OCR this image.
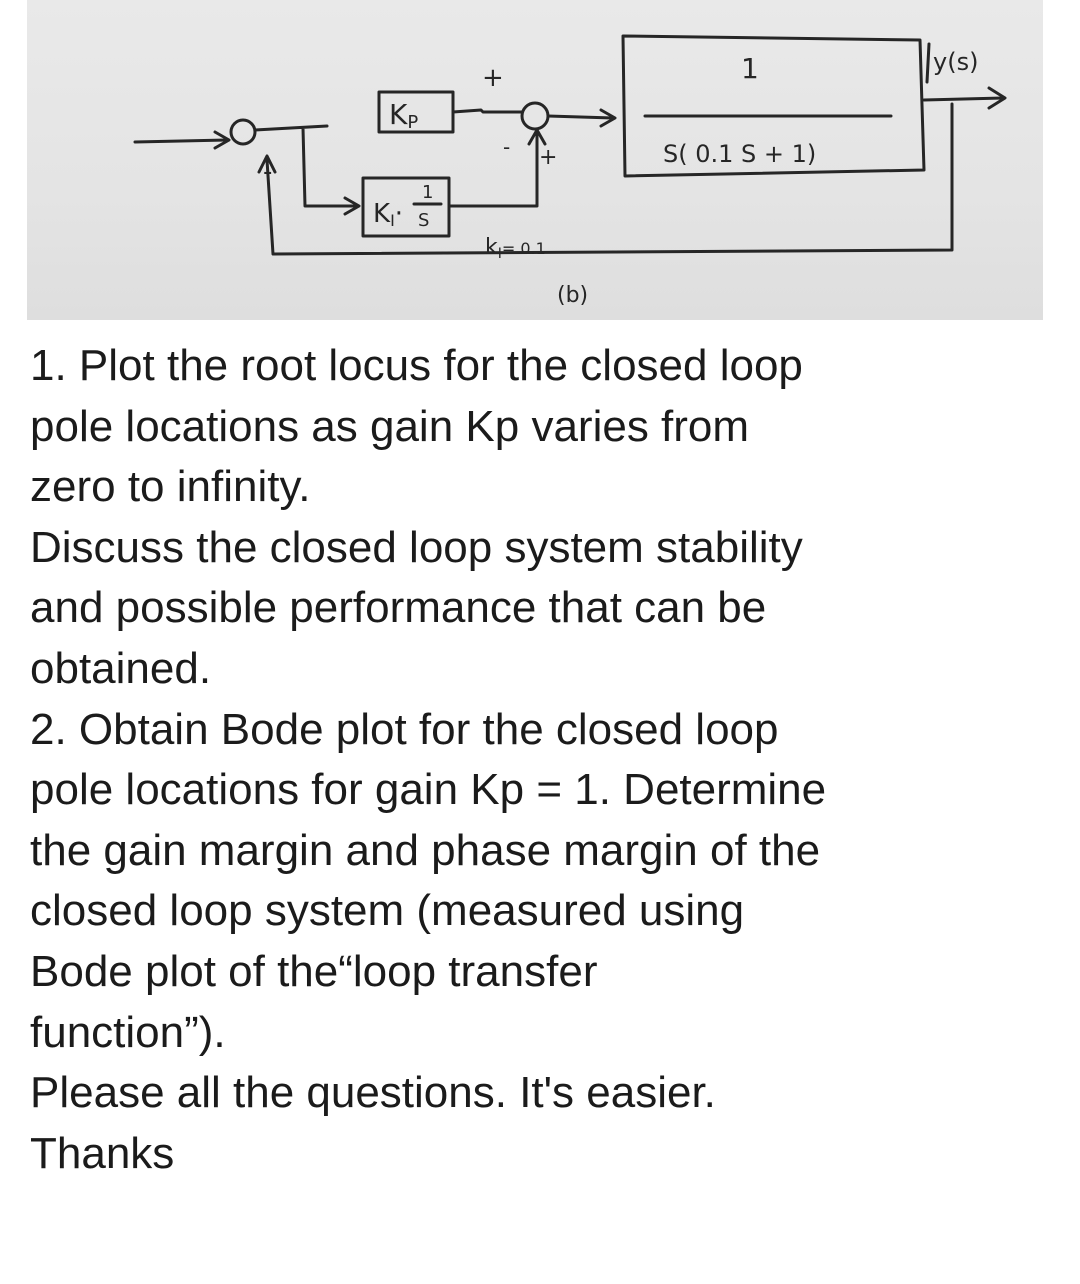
-
KP
+
KI·
1
S
+
-
kI= 0.1
1
S( 0.1 S + 1)
y(s)
(b)
1. Plot the root locus for the closed loop
pole locations as gain Kp varies from
zero to infinity.
Discuss the closed loop system stability
and possible performance that can be
obtained.
2. Obtain Bode plot for the closed loop
pole locations for gain Kp = 1. Determine
the gain margin and phase margin of the
closed loop system (measured using
Bode plot of the“loop transfer
function”).
Please all the questions. It's easier.
Thanks
